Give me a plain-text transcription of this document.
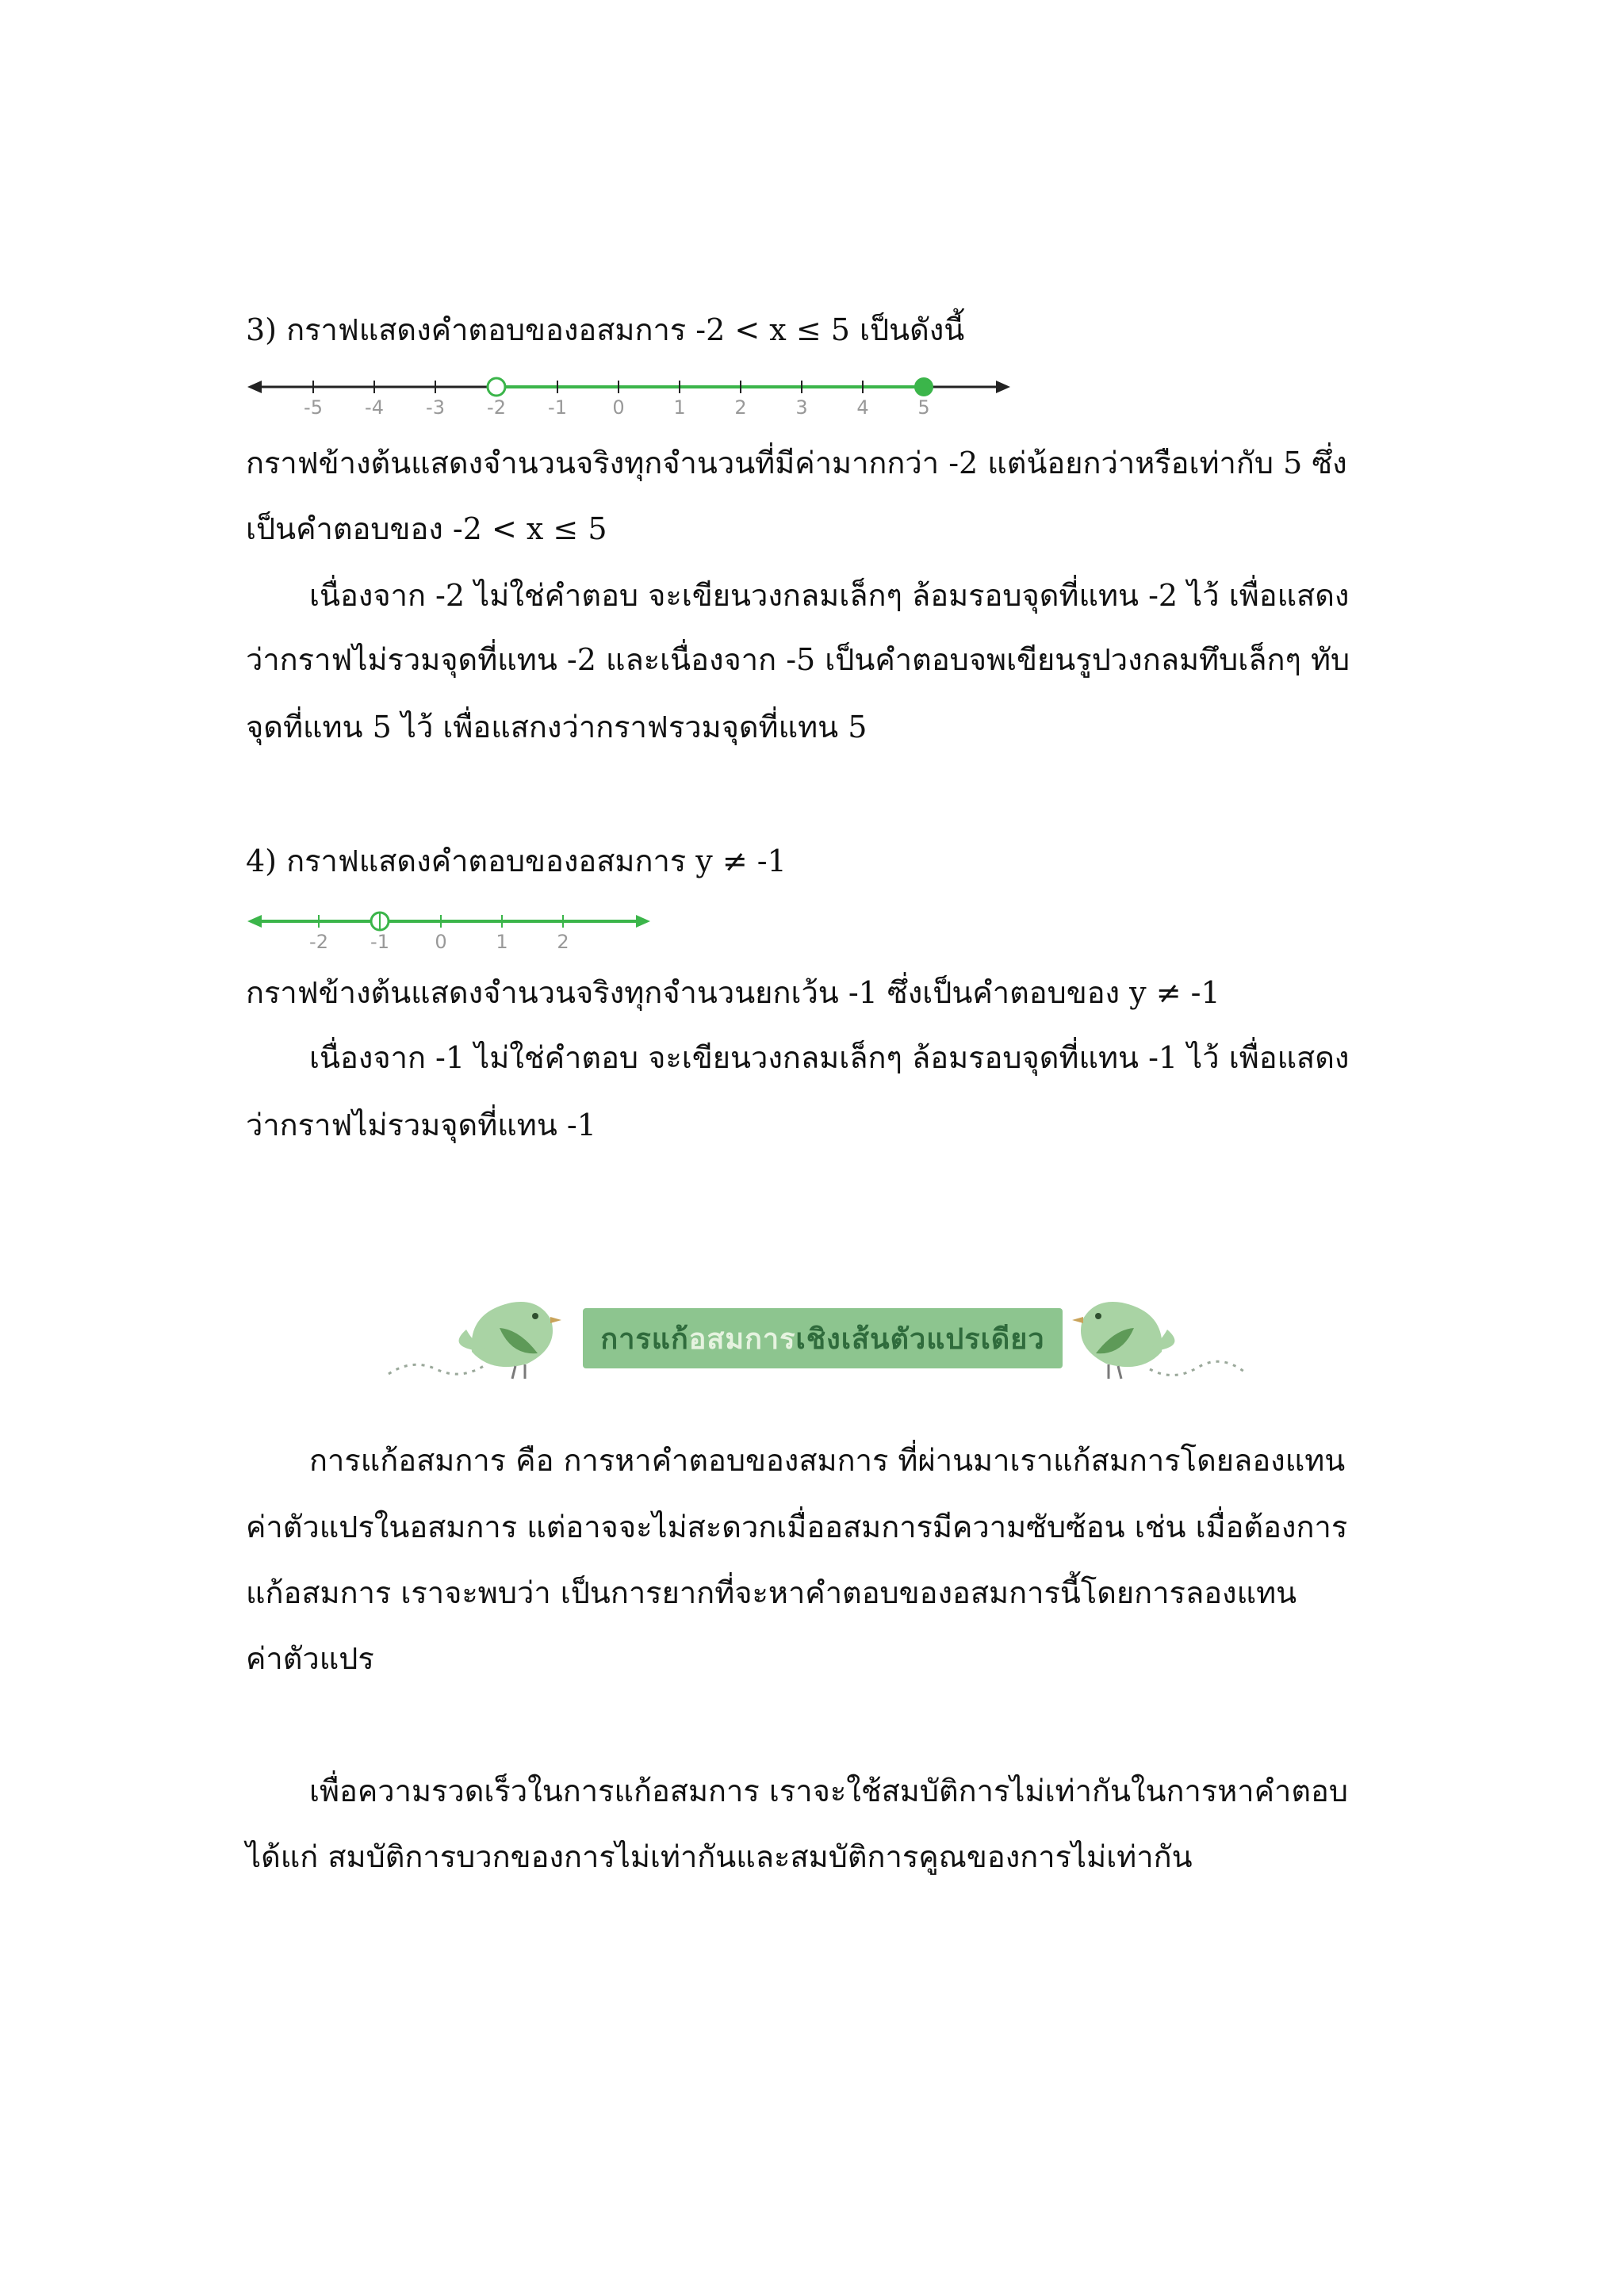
3) กราฟแสดงคำตอบของอสมการ -2 < x ≤ 5 เป็นดังนี้
-5 -4 -3 -2 -1 0	1	2	3	4	5
กราฟข้างต้นแสดงจำนวนจริงทุกจำนวนที่มีค่ามากกว่า -2 แต่น้อยกว่าหรือเท่ากับ 5 ซึ่ง
เป็นคำตอบของ -2 < x ≤ 5
เนื่องจาก -2 ไม่ใช่คำตอบ จะเขียนวงกลมเล็กๆ ล้อมรอบจุดที่แทน -2 ไว้ เพื่อแสดง
ว่ากราฟไม่รวมจุดที่แทน -2 และเนื่องจาก -5 เป็นคำตอบจพเขียนรูปวงกลมทึบเล็กๆ ทับ
จุดที่แทน 5 ไว้ เพื่อแสกงว่ากราฟรวมจุดที่แทน 5
4) กราฟแสดงคำตอบของอสมการ y ≠ -1
-2 -1 0	1	2
กราฟข้างต้นแสดงจำนวนจริงทุกจำนวนยกเว้น -1 ซึ่งเป็นคำตอบของ y ≠ -1
เนื่องจาก -1 ไม่ใช่คำตอบ จะเขียนวงกลมเล็กๆ ล้อมรอบจุดที่แทน -1 ไว้ เพื่อแสดง
ว่ากราฟไม่รวมจุดที่แทน -1
การแก้ อสมการ เชิงเส้นตัวแปรเดียว
การแก้อสมการ คือ การหาคำตอบของสมการ ที่ผ่านมาเราแก้สมการโดยลองแทน
ค่าตัวแปรในอสมการ แต่อาจจะไม่สะดวกเมื่ออสมการมีความซับซ้อน เช่น เมื่อต้องการ
แก้อสมการ เราจะพบว่า เป็นการยากที่จะหาคำตอบของอสมการนี้โดยการลองแทน
ค่าตัวแปร
เพื่อความรวดเร็วในการแก้อสมการ เราจะใช้สมบัติการไม่เท่ากันในการหาคำตอบ
ได้แก่ สมบัติการบวกของการไม่เท่ากันและสมบัติการคูณของการไม่เท่ากัน
